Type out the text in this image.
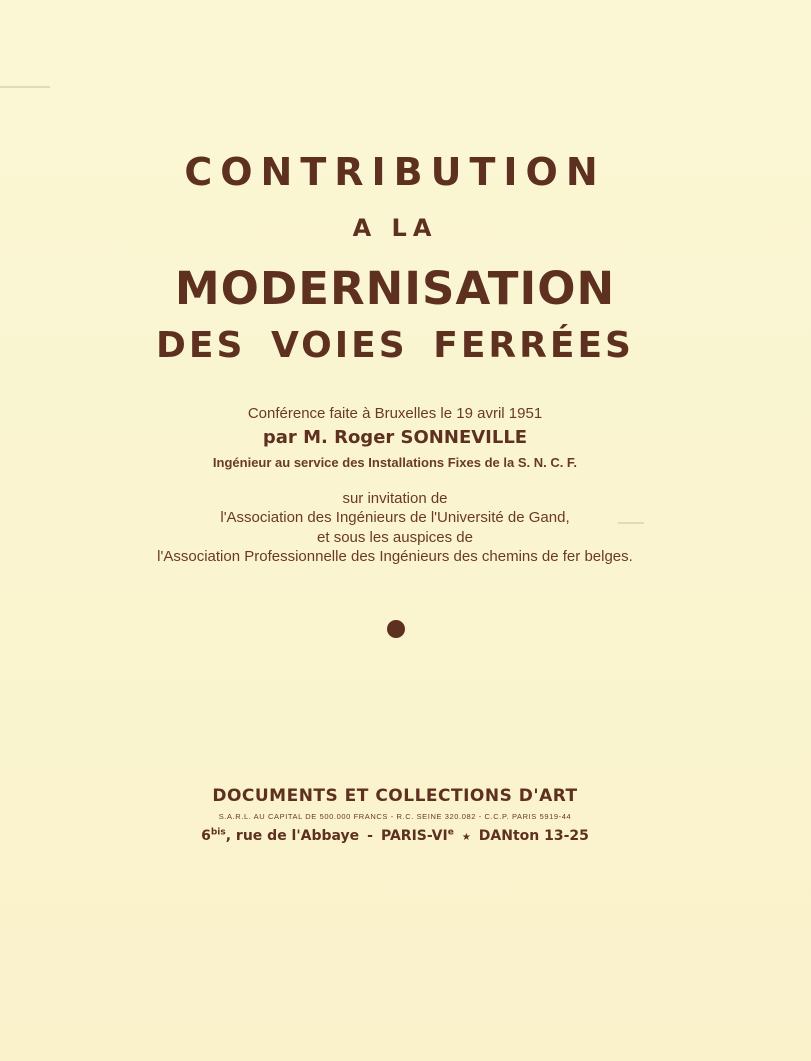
CONTRIBUTION

A LA

MODERNISATION

DES VOIES FERRÉES

Conférence faite à Bruxelles le 19 avril 1951

par M. Roger SONNEVILLE

Ingénieur au service des Installations Fixes de la S. N. C. F.

sur invitation de

l'Association des Ingénieurs de l'Université de Gand,

et sous les auspices de

l'Association Professionnelle des Ingénieurs des chemins de fer belges.

DOCUMENTS ET COLLECTIONS D'ART

S.A.R.L. AU CAPITAL DE 500.000 FRANCS - R.C. SEINE 320.082 - C.C.P. PARIS 5919-44

$6^{bis}$, rue de l'Abbaye - PARIS-VIe ★ DANton 13-25
